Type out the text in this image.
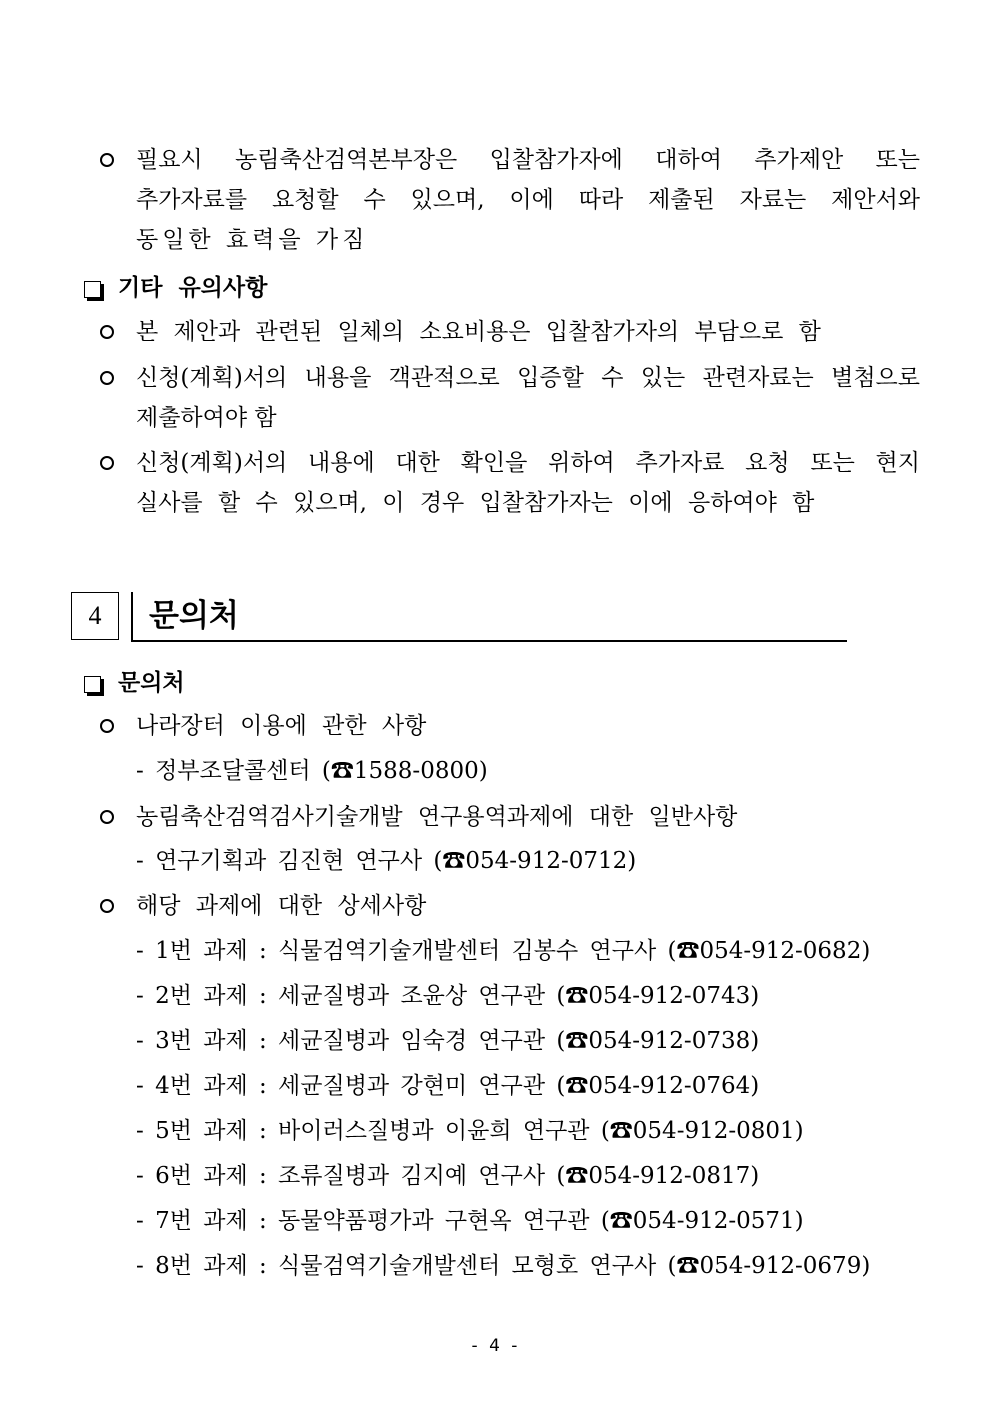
필요시 농림축산검역본부장은 입찰참가자에 대하여 추가제안 또는
추가자료를 요청할 수 있으며, 이에 따라 제출된 자료는 제안서와
동일한 효력을 가짐
기타 유의사항
본 제안과 관련된 일체의 소요비용은 입찰참가자의 부담으로 함
신청(계획)서의 내용을 객관적으로 입증할 수 있는 관련자료는 별첨으로
제출하여야 함
신청(계획)서의 내용에 대한 확인을 위하여 추가자료 요청 또는 현지
실사를 할 수 있으며, 이 경우 입찰참가자는 이에 응하여야 함
4	문의처
문의처
나라장터 이용에 관한 사항
- 정부조달콜센터 (☎1588-0800)
농림축산검역검사기술개발 연구용역과제에 대한 일반사항
- 연구기획과 김진현 연구사 (☎054-912-0712)
해당 과제에 대한 상세사항
- 1번 과제 : 식물검역기술개발센터 김봉수 연구사 (☎054-912-0682)
- 2번 과제 : 세균질병과 조윤상 연구관 (☎054-912-0743)
- 3번 과제 : 세균질병과 임숙경 연구관 (☎054-912-0738)
- 4번 과제 : 세균질병과 강현미 연구관 (☎054-912-0764)
- 5번 과제 : 바이러스질병과 이윤희 연구관 (☎054-912-0801)
- 6번 과제 : 조류질병과 김지예 연구사 (☎054-912-0817)
- 7번 과제 : 동물약품평가과 구현옥 연구관 (☎054-912-0571)
- 8번 과제 : 식물검역기술개발센터 모형호 연구사 (☎054-912-0679)
- 4 -
